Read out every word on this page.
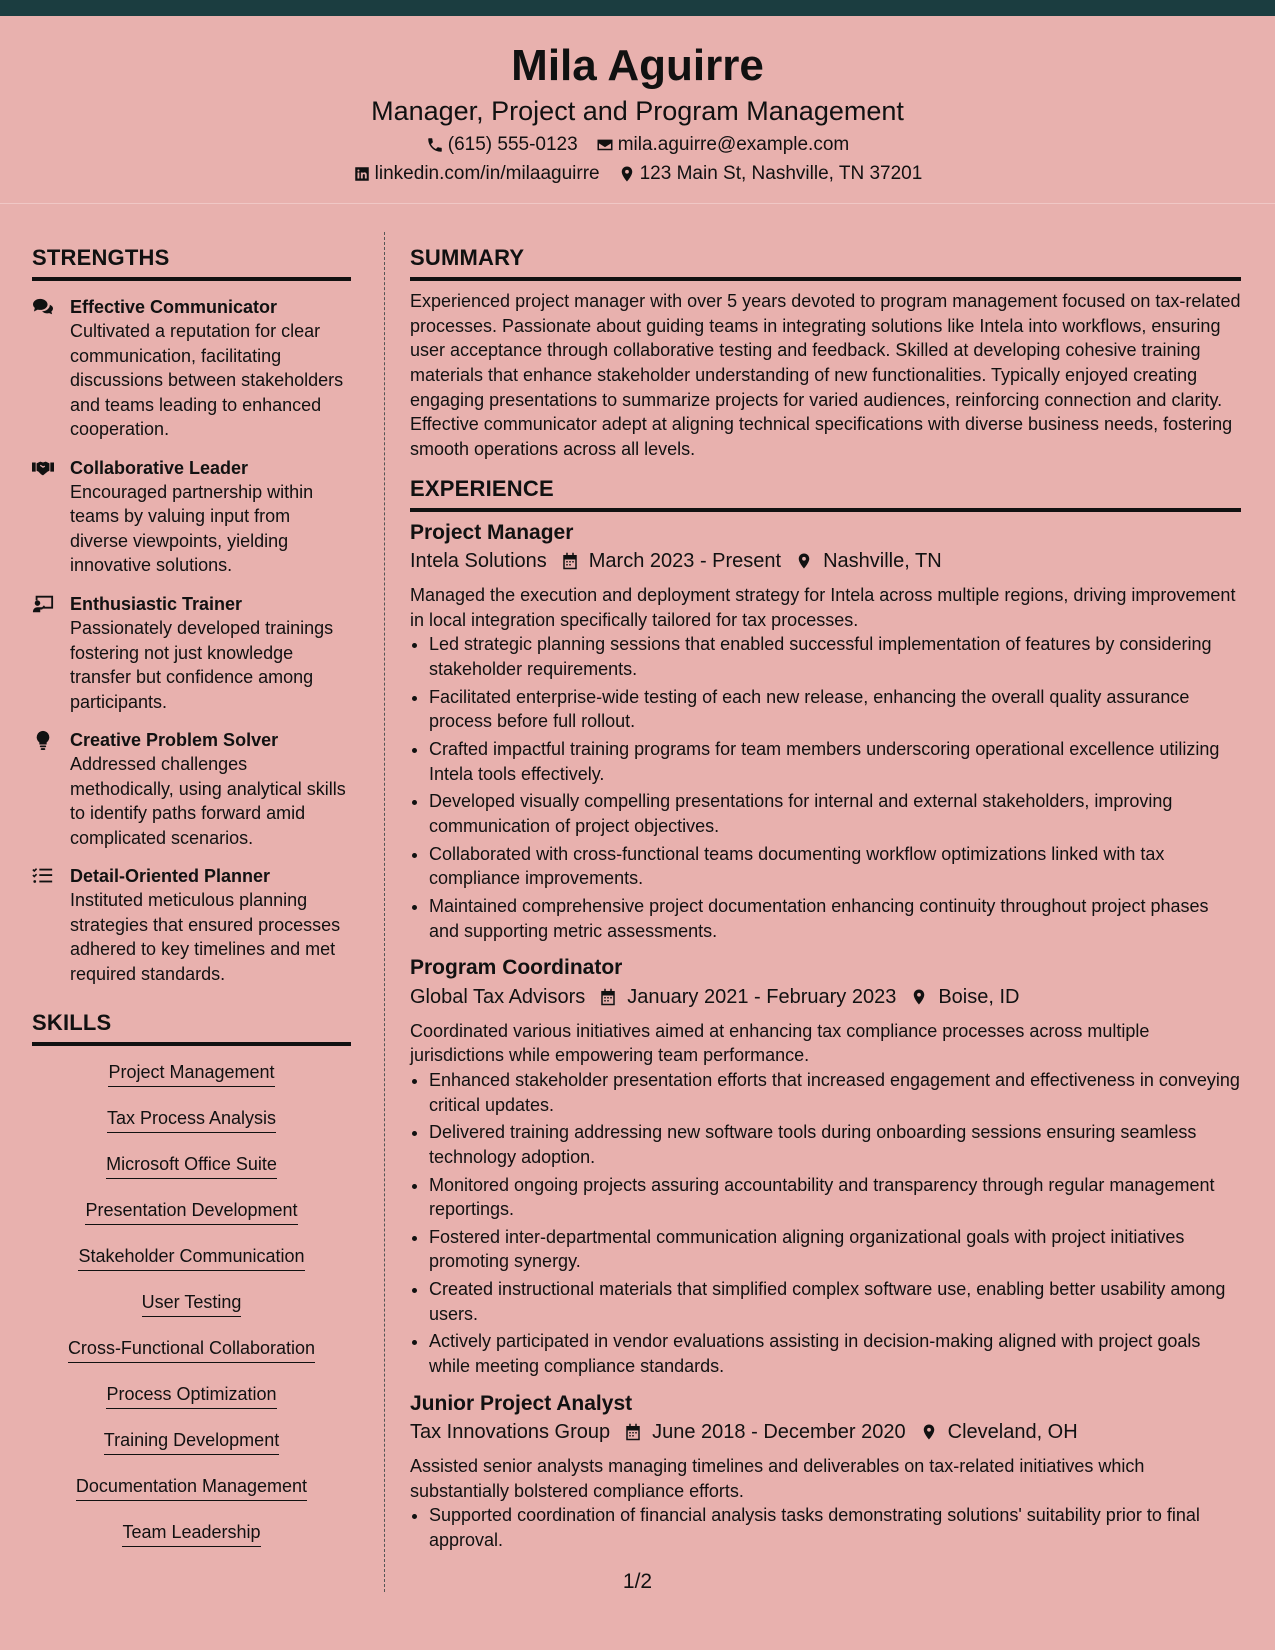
Mila Aguirre
Manager, Project and Program Management
(615) 555-0123 mila.aguirre@example.com
linkedin.com/in/milaaguirre 123 Main St, Nashville, TN 37201
STRENGTHS
Effective Communicator
Cultivated a reputation for clear communication, facilitating discussions between stakeholders and teams leading to enhanced cooperation.
Collaborative Leader
Encouraged partnership within teams by valuing input from diverse viewpoints, yielding innovative solutions.
Enthusiastic Trainer
Passionately developed trainings fostering not just knowledge transfer but confidence among participants.
Creative Problem Solver
Addressed challenges methodically, using analytical skills to identify paths forward amid complicated scenarios.
Detail-Oriented Planner
Instituted meticulous planning strategies that ensured processes adhered to key timelines and met required standards.
SKILLS
Project Management
Tax Process Analysis
Microsoft Office Suite
Presentation Development
Stakeholder Communication
User Testing
Cross-Functional Collaboration
Process Optimization
Training Development
Documentation Management
Team Leadership
SUMMARY
Experienced project manager with over 5 years devoted to program management focused on tax-related processes. Passionate about guiding teams in integrating solutions like Intela into workflows, ensuring user acceptance through collaborative testing and feedback. Skilled at developing cohesive training materials that enhance stakeholder understanding of new functionalities. Typically enjoyed creating engaging presentations to summarize projects for varied audiences, reinforcing connection and clarity. Effective communicator adept at aligning technical specifications with diverse business needs, fostering smooth operations across all levels.
EXPERIENCE
Project Manager
Intela Solutions March 2023 - Present Nashville, TN
Managed the execution and deployment strategy for Intela across multiple regions, driving improvement in local integration specifically tailored for tax processes.
• Led strategic planning sessions that enabled successful implementation of features by considering stakeholder requirements.
• Facilitated enterprise-wide testing of each new release, enhancing the overall quality assurance process before full rollout.
• Crafted impactful training programs for team members underscoring operational excellence utilizing Intela tools effectively.
• Developed visually compelling presentations for internal and external stakeholders, improving communication of project objectives.
• Collaborated with cross-functional teams documenting workflow optimizations linked with tax compliance improvements.
• Maintained comprehensive project documentation enhancing continuity throughout project phases and supporting metric assessments.
Program Coordinator
Global Tax Advisors January 2021 - February 2023 Boise, ID
Coordinated various initiatives aimed at enhancing tax compliance processes across multiple jurisdictions while empowering team performance.
• Enhanced stakeholder presentation efforts that increased engagement and effectiveness in conveying critical updates.
• Delivered training addressing new software tools during onboarding sessions ensuring seamless technology adoption.
• Monitored ongoing projects assuring accountability and transparency through regular management reportings.
• Fostered inter-departmental communication aligning organizational goals with project initiatives promoting synergy.
• Created instructional materials that simplified complex software use, enabling better usability among users.
• Actively participated in vendor evaluations assisting in decision-making aligned with project goals while meeting compliance standards.
Junior Project Analyst
Tax Innovations Group June 2018 - December 2020 Cleveland, OH
Assisted senior analysts managing timelines and deliverables on tax-related initiatives which substantially bolstered compliance efforts.
• Supported coordination of financial analysis tasks demonstrating solutions' suitability prior to final approval.
1/2
